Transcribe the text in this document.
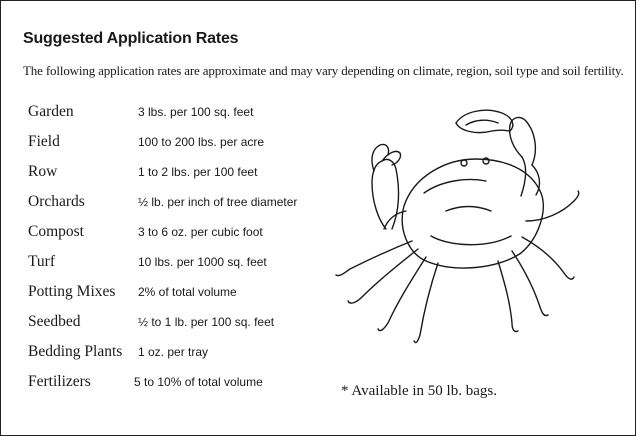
Suggested Application Rates
The following application rates are approximate and may vary depending on climate, region, soil type and soil fertility.
Garden	3 lbs. per 100 sq. feet
Field	100 to 200 lbs. per acre
Row	1 to 2 lbs. per 100 feet
Orchards	½ lb. per inch of tree diameter
Compost	3 to 6 oz. per cubic foot
Turf	10 lbs. per 1000 sq. feet
Potting Mixes 2% of total volume
Seedbed	½ to 1 lb. per 100 sq. feet
Bedding Plants 1 oz. per tray
Fertilizers	5 to 10% of total volume
* Available in 50 lb. bags.
